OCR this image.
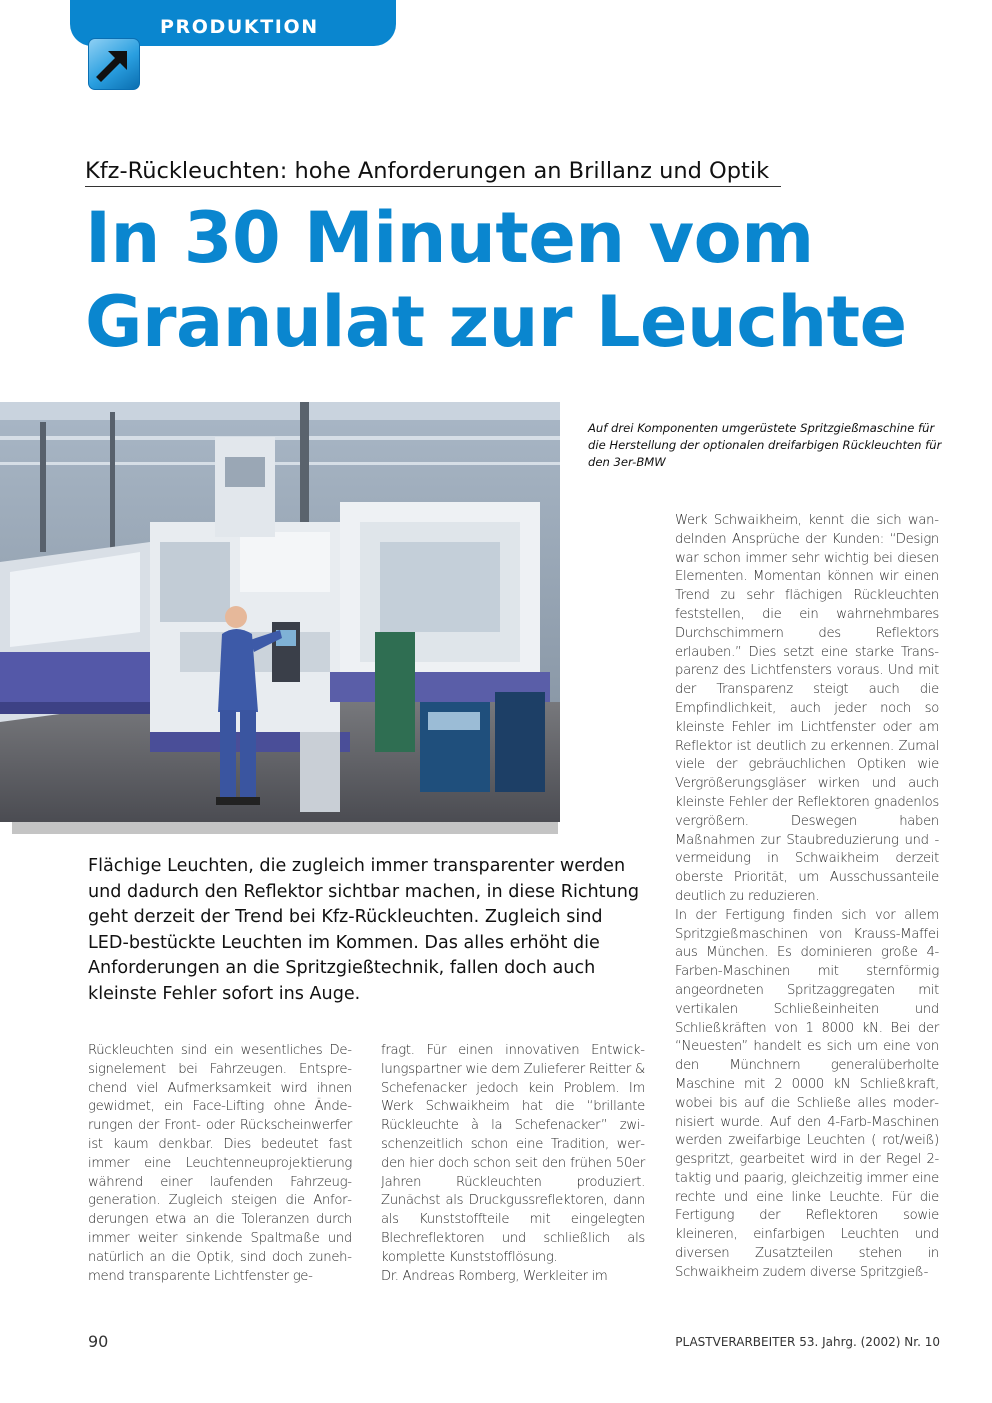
PRODUKTION
Kfz-Rückleuchten: hohe Anforderungen an Brillanz und Optik
In 30 Minuten vom
Granulat zur Leuchte
Auf drei Komponenten umgerüstete Spritzgießmaschine für die Herstellung der optionalen dreifarbigen Rückleuchten für den 3er-BMW
Flächige Leuchten, die zugleich immer transparenter werden und dadurch den Reflektor sichtbar machen, in diese Richtung geht derzeit der Trend bei Kfz-Rückleuchten. Zugleich sind LED-bestückte Leuchten im Kommen. Das alles erhöht die Anforderungen an die Spritzgießtechnik, fallen doch auch kleinste Fehler sofort ins Auge.

Rückleuchten sind ein wesentliches Designelement bei Fahrzeugen. Entsprechend viel Aufmerksamkeit wird ihnen gewidmet, ein Face-Lifting ohne Änderungen der Front- oder Rückscheinwerfer ist kaum denkbar. Dies bedeutet fast immer eine Leuchtenneuprojektierung während einer laufenden Fahrzeuggeneration. Zugleich steigen die Anforderungen etwa an die Toleranzen durch immer weiter sinkende Spaltmaße und natürlich an die Optik, sind doch zunehmend transparente Lichtfenster ge-

fragt. Für einen innovativen Entwicklungspartner wie dem Zulieferer Reitter & Schefenacker jedoch kein Problem. Im Werk Schwaikheim hat die “brillante Rückleuchte à la Schefenacker” zwischenzeitlich schon eine Tradition, werden hier doch schon seit den frühen 50er Jahren Rückleuchten produziert. Zunächst als Druckgussreflektoren, dann als Kunststoffteile mit eingelegten Blechreflektoren und schließlich als komplette Kunststofflösung.

Dr. Andreas Romberg, Werkleiter im

Werk Schwaikheim, kennt die sich wandelnden Ansprüche der Kunden: “Design war schon immer sehr wichtig bei diesen Elementen. Momentan können wir einen Trend zu sehr flächigen Rückleuchten feststellen, die ein wahrnehmbares Durchschimmern des Reflektors erlauben.” Dies setzt eine starke Transparenz des Lichtfensters voraus. Und mit der Transparenz steigt auch die Empfindlichkeit, auch jeder noch so kleinste Fehler im Lichtfenster oder am Reflektor ist deutlich zu erkennen. Zumal viele der gebräuchlichen Optiken wie Vergrößerungsgläser wirken und auch kleinste Fehler der Reflektoren gnadenlos vergrößern. Deswegen haben Maßnahmen zur Staubreduzierung und -vermeidung in Schwaikheim derzeit oberste Priorität, um Ausschussanteile deutlich zu reduzieren.

In der Fertigung finden sich vor allem Spritzgießmaschinen von Krauss-Maffei aus München. Es dominieren große 4-Farben-Maschinen mit sternförmig angeordneten Spritzaggregaten mit vertikalen Schließeinheiten und Schließkräften von 1 8000 kN. Bei der “Neuesten” handelt es sich um eine von den Münchnern generalüberholte Maschine mit 2 0000 kN Schließkraft, wobei bis auf die Schließe alles modernisiert wurde. Auf den 4-Farb-Maschinen werden zweifarbige Leuchten ( rot/weiß) gespritzt, gearbeitet wird in der Regel 2-taktig und paarig, gleichzeitig immer eine rechte und eine linke Leuchte. Für die Fertigung der Reflektoren sowie kleineren, einfarbigen Leuchten und diversen Zusatzteilen stehen in Schwaikheim zudem diverse Spritzgieß-

90	PLASTVERARBEITER 53. Jahrg. (2002) Nr. 10
